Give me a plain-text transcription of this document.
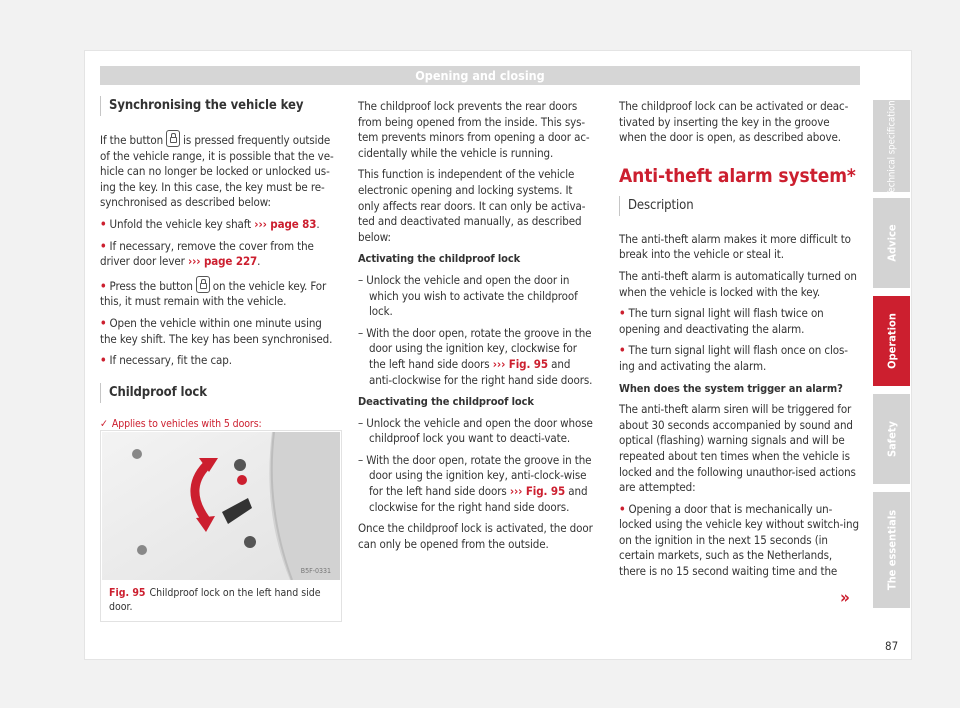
Opening and closing
Synchronising the vehicle key

If the button is pressed frequently outside of the vehicle range, it is possible that the ve-hicle can no longer be locked or unlocked us-ing the key. In this case, the key must be re-synchronised as described below:

• Unfold the vehicle key shaft ››› page 83.

• If necessary, remove the cover from the driver door lever ››› page 227.

• Press the button on the vehicle key. For this, it must remain with the vehicle.

• Open the vehicle within one minute using the key shift. The key has been synchronised.

• If necessary, fit the cap.

Childproof lock

✓ Applies to vehicles with 5 doors:

B5F-0331
Fig. 95 Childproof lock on the left hand side door.

The childproof lock prevents the rear doors from being opened from the inside. This sys-tem prevents minors from opening a door ac-cidentally while the vehicle is running.

This function is independent of the vehicle electronic opening and locking systems. It only affects rear doors. It can only be activa-ted and deactivated manually, as described below:

Activating the childproof lock

– Unlock the vehicle and open the door in which you wish to activate the childproof lock.

– With the door open, rotate the groove in the door using the ignition key, clockwise for the left hand side doors ››› Fig. 95 and anti-clockwise for the right hand side doors.

Deactivating the childproof lock

– Unlock the vehicle and open the door whose childproof lock you want to deacti-vate.

– With the door open, rotate the groove in the door using the ignition key, anti-clock-wise for the left hand side doors ››› Fig. 95 and clockwise for the right hand side doors.

Once the childproof lock is activated, the door can only be opened from the outside.

The childproof lock can be activated or deac-tivated by inserting the key in the groove when the door is open, as described above.

Anti-theft alarm system*
Description

The anti-theft alarm makes it more difficult to break into the vehicle or steal it.

The anti-theft alarm is automatically turned on when the vehicle is locked with the key.

• The turn signal light will flash twice on opening and deactivating the alarm.

• The turn signal light will flash once on clos-ing and activating the alarm.

When does the system trigger an alarm?

The anti-theft alarm siren will be triggered for about 30 seconds accompanied by sound and optical (flashing) warning signals and will be repeated about ten times when the vehicle is locked and the following unauthor-ised actions are attempted:

• Opening a door that is mechanically un-locked using the vehicle key without switch-ing on the ignition in the next 15 seconds (in certain markets, such as the Netherlands, there is no 15 second waiting time and the

»
Technical specifications
Advice
Operation
Safety
The essentials
87
